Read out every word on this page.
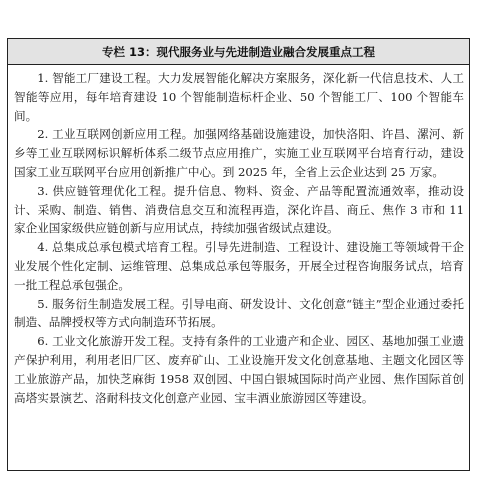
专栏 13：现代服务业与先进制造业融合发展重点工程

1. 智能工厂建设工程。大力发展智能化解决方案服务，深化新一代信息技术、人工智能等应用，每年培育建设 10 个智能制造标杆企业、50 个智能工厂、100 个智能车间。

2. 工业互联网创新应用工程。加强网络基础设施建设，加快洛阳、许昌、漯河、新乡等工业互联网标识解析体系二级节点应用推广，实施工业互联网平台培育行动，建设国家工业互联网平台应用创新推广中心。到 2025 年，全省上云企业达到 25 万家。

3. 供应链管理优化工程。提升信息、物料、资金、产品等配置流通效率，推动设计、采购、制造、销售、消费信息交互和流程再造，深化许昌、商丘、焦作 3 市和 11 家企业国家级供应链创新与应用试点，持续加强省级试点建设。

4. 总集成总承包模式培育工程。引导先进制造、工程设计、建设施工等领域骨干企业发展个性化定制、运维管理、总集成总承包等服务，开展全过程咨询服务试点，培育一批工程总承包强企。

5. 服务衍生制造发展工程。引导电商、研发设计、文化创意“链主”型企业通过委托制造、品牌授权等方式向制造环节拓展。

6. 工业文化旅游开发工程。支持有条件的工业遗产和企业、园区、基地加强工业遗产保护利用，利用老旧厂区、废弃矿山、工业设施开发文化创意基地、主题文化园区等工业旅游产品，加快芝麻街 1958 双创园、中国白银城国际时尚产业园、焦作国际首创高塔实景演艺、洛耐科技文化创意产业园、宝丰酒业旅游园区等建设。
